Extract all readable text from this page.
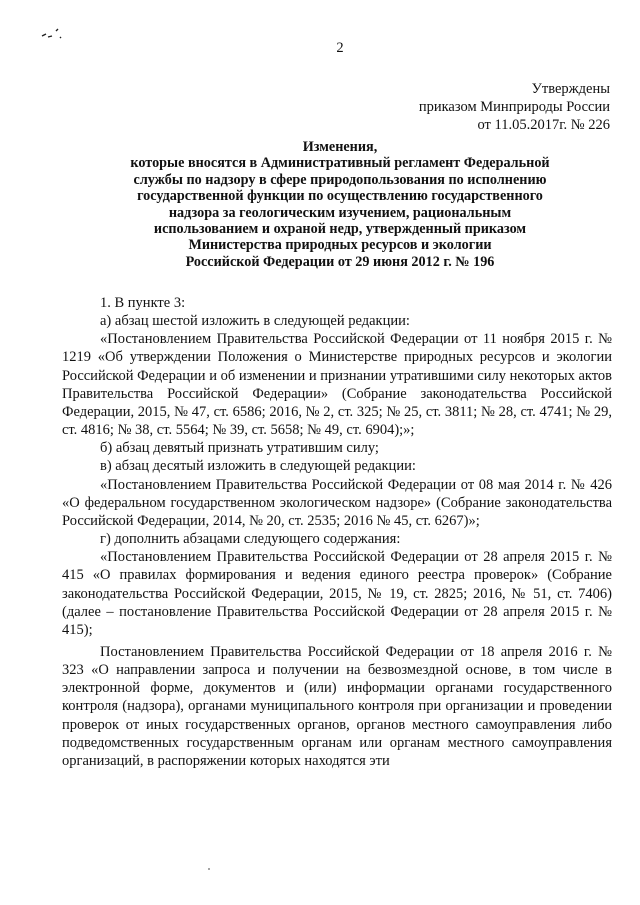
2
Утверждены
приказом Минприроды России
от 11.05.2017г. № 226
Изменения,
которые вносятся в Административный регламент Федеральной
службы по надзору в сфере природопользования по исполнению
государственной функции по осуществлению государственного
надзора за геологическим изучением, рациональным
использованием и охраной недр, утвержденный приказом
Министерства природных ресурсов и экологии
Российской Федерации от 29 июня 2012 г. № 196

1. В пункте 3:

а) абзац шестой изложить в следующей редакции:

«Постановлением Правительства Российской Федерации от 11 ноября 2015 г. № 1219 «Об утверждении Положения о Министерстве природных ресурсов и экологии Российской Федерации и об изменении и признании утратившими силу некоторых актов Правительства Российской Федерации» (Собрание законодательства Российской Федерации, 2015, № 47, ст. 6586; 2016, № 2, ст. 325; № 25, ст. 3811; № 28, ст. 4741; № 29, ст. 4816; № 38, ст. 5564; № 39, ст. 5658; № 49, ст. 6904);»;

б) абзац девятый признать утратившим силу;

в) абзац десятый изложить в следующей редакции:

«Постановлением Правительства Российской Федерации от 08 мая 2014 г. № 426 «О федеральном государственном экологическом надзоре» (Собрание законодательства Российской Федерации, 2014, № 20, ст. 2535; 2016 № 45, ст. 6267)»;

г) дополнить абзацами следующего содержания:

«Постановлением Правительства Российской Федерации от 28 апреля 2015 г. № 415 «О правилах формирования и ведения единого реестра проверок» (Собрание законодательства Российской Федерации, 2015, № 19, ст. 2825; 2016, № 51, ст. 7406) (далее – постановление Правительства Российской Федерации от 28 апреля 2015 г. № 415);

Постановлением Правительства Российской Федерации от 18 апреля 2016 г. № 323 «О направлении запроса и получении на безвозмездной основе, в том числе в электронной форме, документов и (или) информации органами государственного контроля (надзора), органами муниципального контроля при организации и проведении проверок от иных государственных органов, органов местного самоуправления либо подведомственных государственным органам или органам местного самоуправления организаций, в распоряжении которых находятся эти
